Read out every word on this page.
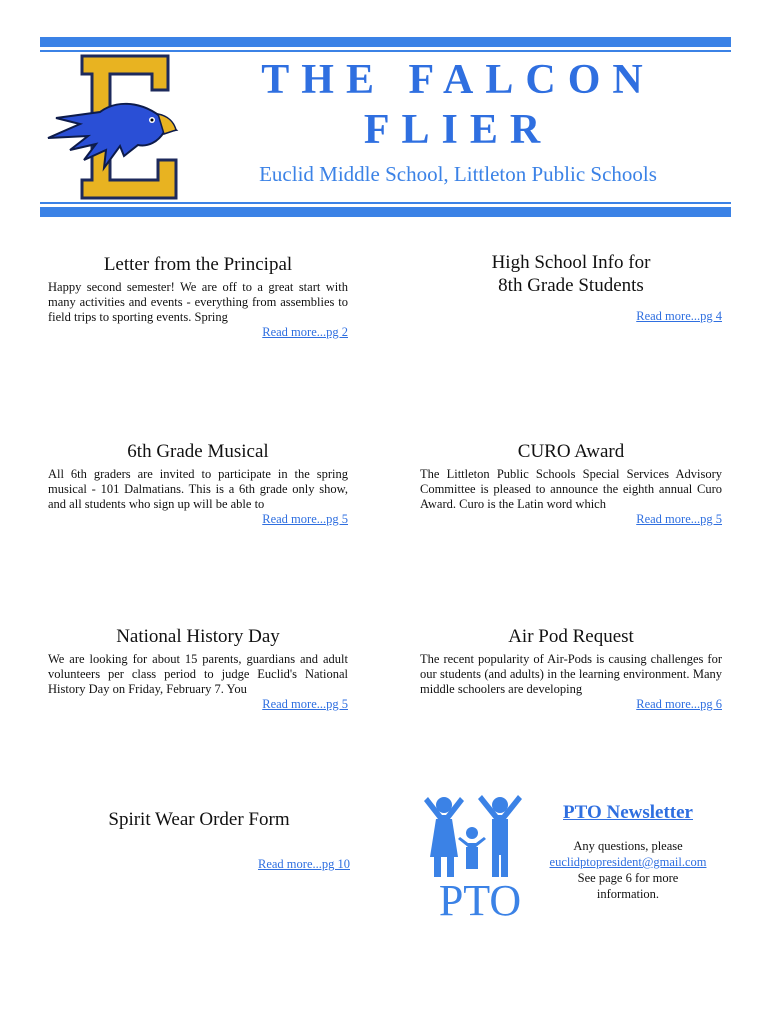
THE FALCON
FLIER
Euclid Middle School, Littleton Public Schools
Letter from the Principal

Happy second semester! We are off to a great start with many activities and events - everything from assemblies to field trips to sporting events. Spring

Read more...pg 2
High School Info for
8th Grade Students
Read more...pg 4
6th Grade Musical

All 6th graders are invited to participate in the spring musical - 101 Dalmatians. This is a 6th grade only show, and all students who sign up will be able to

Read more...pg 5
CURO Award

The Littleton Public Schools Special Services Advisory Committee is pleased to announce the eighth annual Curo Award. Curo is the Latin word which

Read more...pg 5
National History Day

We are looking for about 15 parents, guardians and adult volunteers per class period to judge Euclid's National History Day on Friday, February 7. You

Read more...pg 5
Air Pod Request

The recent popularity of Air-Pods is causing challenges for our students (and adults) in the learning environment. Many middle schoolers are developing

Read more...pg 6
Spirit Wear Order Form
Read more...pg 10
PTO
PTO Newsletter
Any questions, please
euclidptopresident@gmail.com
See page 6 for more
information.
